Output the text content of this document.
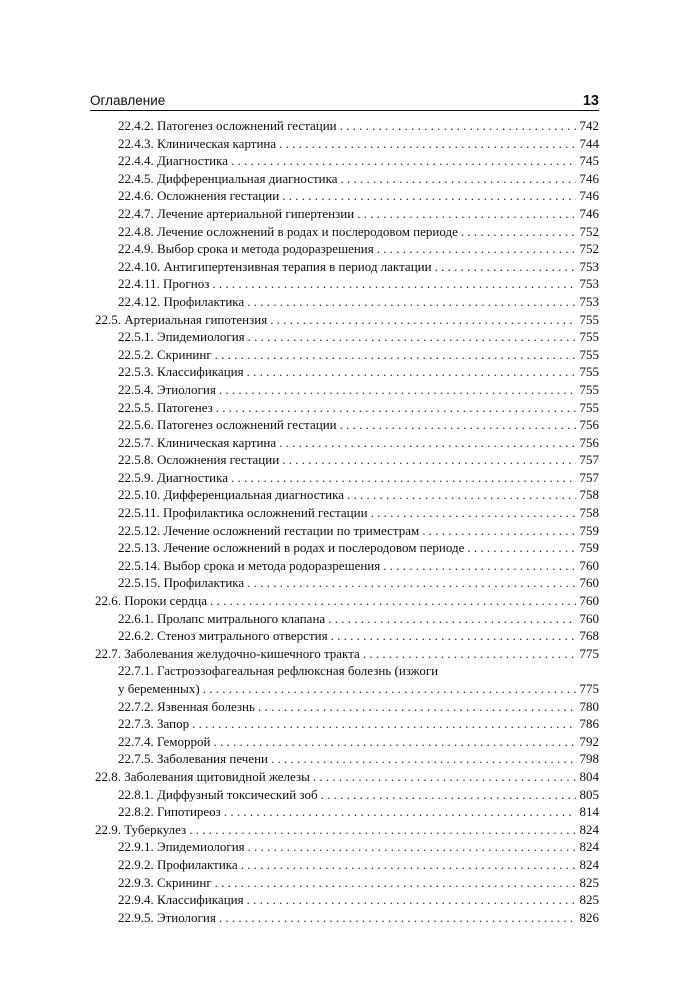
Оглавление	13
22.4.2. Патогенез осложнений гестации . . .	742
22.4.3. Клиническая картина . . .	744
22.4.4. Диагностика . . .	745
22.4.5. Дифференциальная диагностика . . .	746
22.4.6. Осложнения гестации . . .	746
22.4.7. Лечение артериальной гипертензии . . .	746
22.4.8. Лечение осложнений в родах и послеродовом периоде . . .	752
22.4.9. Выбор срока и метода родоразрешения . . .	752
22.4.10. Антигипертензивная терапия в период лактации . . .	753
22.4.11. Прогноз . . .	753
22.4.12. Профилактика . . .	753
22.5. Артериальная гипотензия . . .	755
22.5.1. Эпидемиология . . .	755
22.5.2. Скрининг . . .	755
22.5.3. Классификация . . .	755
22.5.4. Этиология . . .	755
22.5.5. Патогенез . . .	755
22.5.6. Патогенез осложнений гестации . . .	756
22.5.7. Клиническая картина . . .	756
22.5.8. Осложнения гестации . . .	757
22.5.9. Диагностика . . .	757
22.5.10. Дифференциальная диагностика . . .	758
22.5.11. Профилактика осложнений гестации . . .	758
22.5.12. Лечение осложнений гестации по триместрам . . .	759
22.5.13. Лечение осложнений в родах и послеродовом периоде . . .	759
22.5.14. Выбор срока и метода родоразрешения . . .	760
22.5.15. Профилактика . . .	760
22.6. Пороки сердца . . .	760
22.6.1. Пролапс митрального клапана . . .	760
22.6.2. Стеноз митрального отверстия . . .	768
22.7. Заболевания желудочно-кишечного тракта . . .	775
22.7.1. Гастроэзофагеальная рефлюксная болезнь (изжоги
у беременных) . . .	775
22.7.2. Язвенная болезнь . . .	780
22.7.3. Запор . . .	786
22.7.4. Геморрой . . .	792
22.7.5. Заболевания печени . . .	798
22.8. Заболевания щитовидной железы . . .	804
22.8.1. Диффузный токсический зоб . . .	805
22.8.2. Гипотиреоз . . .	814
22.9. Туберкулез . . .	824
22.9.1. Эпидемиология . . .	824
22.9.2. Профилактика . . .	824
22.9.3. Скрининг . . .	825
22.9.4. Классификация . . .	825
22.9.5. Этиология . . .	826
